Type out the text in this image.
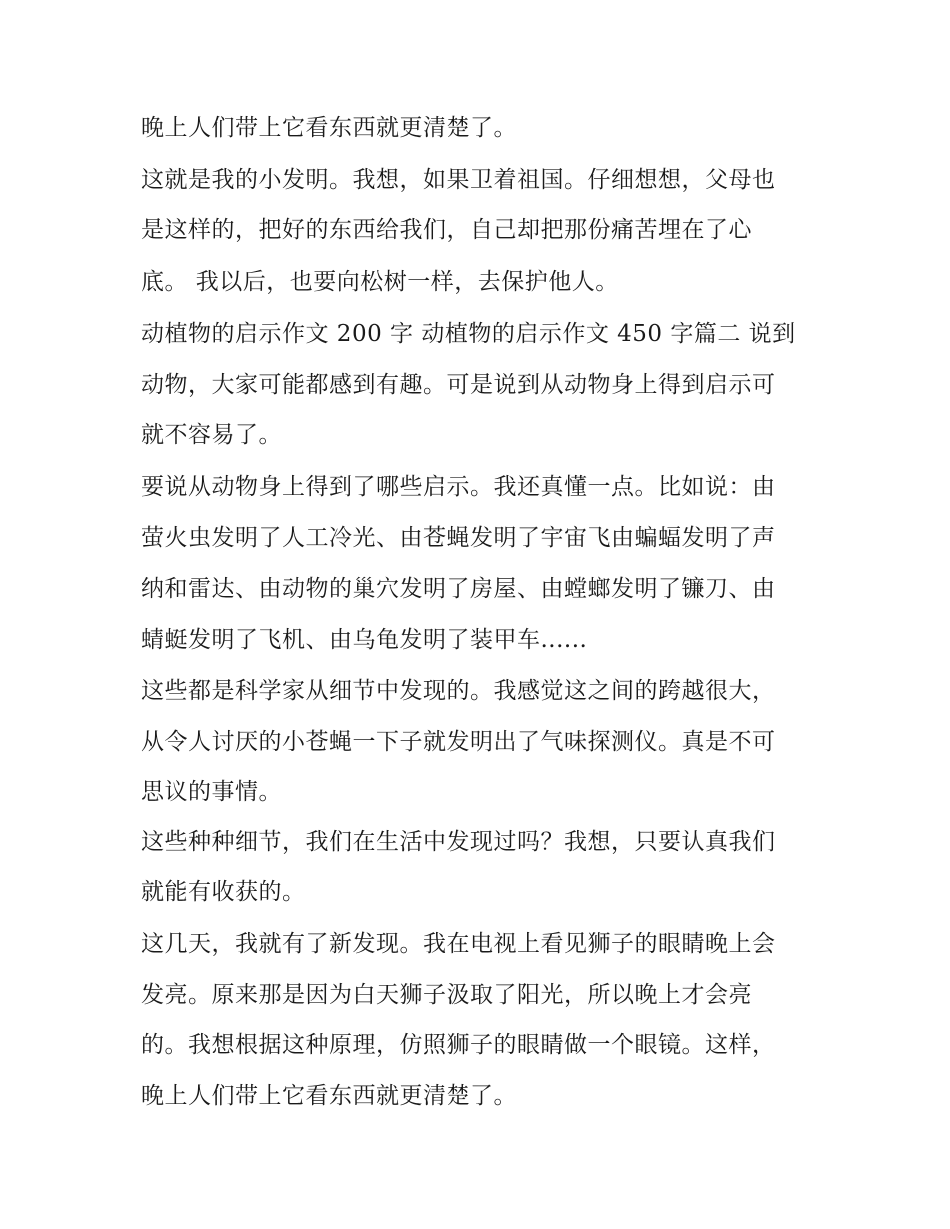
晚上人们带上它看东西就更清楚了。
这就是我的小发明。我想，如果卫着祖国。仔细想想，父母也
是这样的，把好的东西给我们，自己却把那份痛苦埋在了心
底。 我以后，也要向松树一样，去保护他人。
动植物的启示作文 200 字 动植物的启示作文 450 字篇二 说到
动物，大家可能都感到有趣。可是说到从动物身上得到启示可
就不容易了。
要说从动物身上得到了哪些启示。我还真懂一点。比如说：由
萤火虫发明了人工冷光、由苍蝇发明了宇宙飞由蝙蝠发明了声
纳和雷达、由动物的巢穴发明了房屋、由螳螂发明了镰刀、由
蜻蜓发明了飞机、由乌龟发明了装甲车......
这些都是科学家从细节中发现的。我感觉这之间的跨越很大，
从令人讨厌的小苍蝇一下子就发明出了气味探测仪。真是不可
思议的事情。
这些种种细节，我们在生活中发现过吗？我想，只要认真我们
就能有收获的。
这几天，我就有了新发现。我在电视上看见狮子的眼睛晚上会
发亮。原来那是因为白天狮子汲取了阳光，所以晚上才会亮
的。我想根据这种原理，仿照狮子的眼睛做一个眼镜。这样，
晚上人们带上它看东西就更清楚了。
